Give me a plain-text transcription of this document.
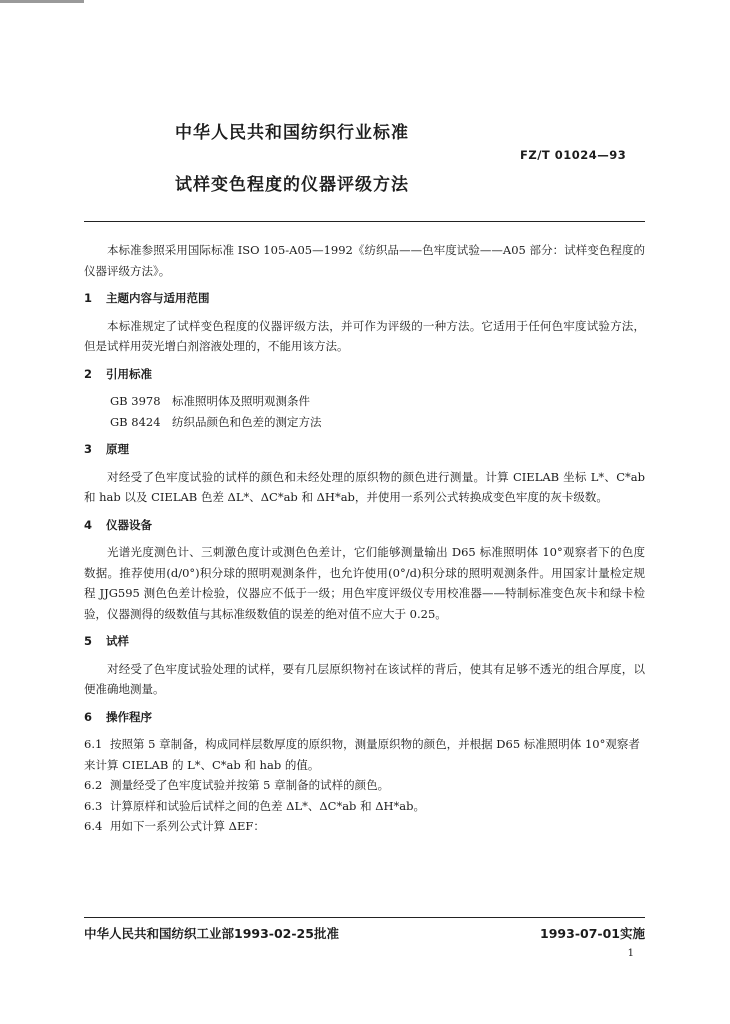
中华人民共和国纺织行业标准
FZ/T 01024—93
试样变色程度的仪器评级方法

本标准参照采用国际标准 ISO 105-A05—1992《纺织品——色牢度试验——A05 部分：试样变色程度的仪器评级方法》。

1 主题内容与适用范围

本标准规定了试样变色程度的仪器评级方法，并可作为评级的一种方法。它适用于任何色牢度试验方法，但是试样用荧光增白剂溶液处理的，不能用该方法。

2 引用标准
GB 3978 标准照明体及照明观测条件
GB 8424 纺织品颜色和色差的测定方法
3 原理

对经受了色牢度试验的试样的颜色和未经处理的原织物的颜色进行测量。计算 CIELAB 坐标 L*、C*ab 和 hab 以及 CIELAB 色差 ΔL*、ΔC*ab 和 ΔH*ab，并使用一系列公式转换成变色牢度的灰卡级数。

4 仪器设备

光谱光度测色计、三刺激色度计或测色色差计，它们能够测量输出 D65 标准照明体 10°观察者下的色度数据。推荐使用(d/0°)积分球的照明观测条件，也允许使用(0°/d)积分球的照明观测条件。用国家计量检定规程 JJG595 测色色差计检验，仪器应不低于一级；用色牢度评级仪专用校准器——特制标准变色灰卡和绿卡检验，仪器测得的级数值与其标准级数值的误差的绝对值不应大于 0.25。

5 试样

对经受了色牢度试验处理的试样，要有几层原织物衬在该试样的背后，使其有足够不透光的组合厚度，以便准确地测量。

6 操作程序

6.1 按照第 5 章制备，构成同样层数厚度的原织物，测量原织物的颜色，并根据 D65 标准照明体 10°观察者来计算 CIELAB 的 L*、C*ab 和 hab 的值。

6.2 测量经受了色牢度试验并按第 5 章制备的试样的颜色。

6.3 计算原样和试验后试样之间的色差 ΔL*、ΔC*ab 和 ΔH*ab。

6.4 用如下一系列公式计算 ΔEF：

中华人民共和国纺织工业部1993-02-25批准	1993-07-01实施
1
